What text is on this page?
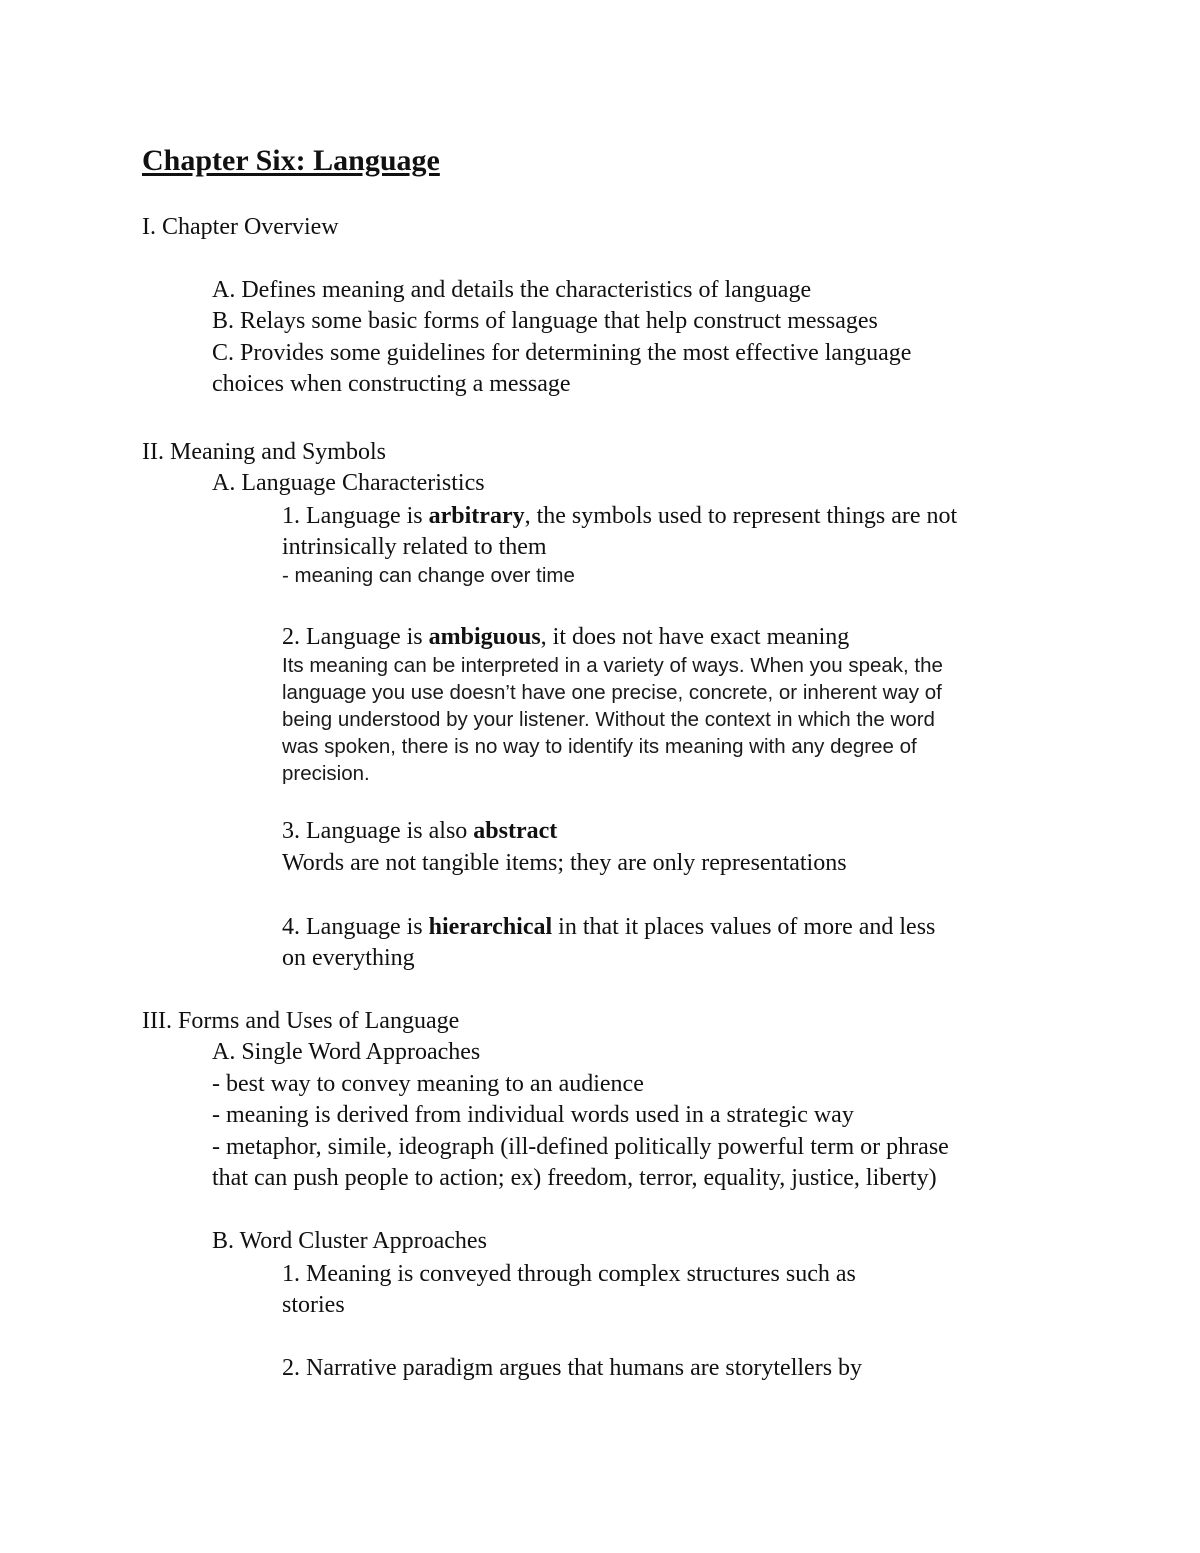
Chapter Six: Language
I. Chapter Overview
A. Defines meaning and details the characteristics of language
B. Relays some basic forms of language that help construct messages
C. Provides some guidelines for determining the most effective language
choices when constructing a message
II. Meaning and Symbols
A. Language Characteristics
1. Language is arbitrary, the symbols used to represent things are not
intrinsically related to them
- meaning can change over time
2. Language is ambiguous, it does not have exact meaning
Its meaning can be interpreted in a variety of ways. When you speak, the
language you use doesn’t have one precise, concrete, or inherent way of
being understood by your listener. Without the context in which the word
was spoken, there is no way to identify its meaning with any degree of
precision.
3. Language is also abstract
Words are not tangible items; they are only representations
4. Language is hierarchical in that it places values of more and less
on everything
III. Forms and Uses of Language
A. Single Word Approaches
- best way to convey meaning to an audience
- meaning is derived from individual words used in a strategic way
- metaphor, simile, ideograph (ill-defined politically powerful term or phrase
that can push people to action; ex) freedom, terror, equality, justice, liberty)
B. Word Cluster Approaches
1. Meaning is conveyed through complex structures such as
stories
2. Narrative paradigm argues that humans are storytellers by
